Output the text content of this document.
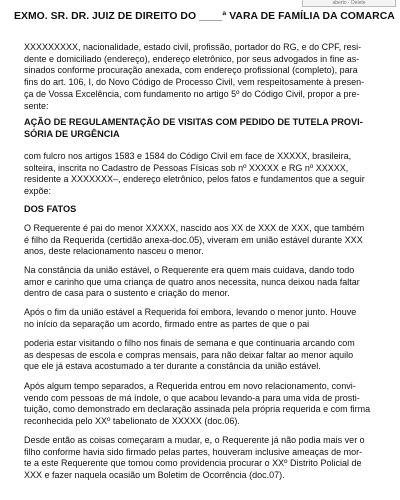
aberto · Delete
EXMO. SR. DR. JUIZ DE DIREITO DO ____ª VARA DE FAMÍLIA DA COMARCA
XXXXXXXXX, nacionalidade, estado civil, profissão, portador do RG, e do CPF, resi-
dente e domiciliado (endereço), endereço eletrônico, por seus advogados in fine as-
sinados conforme procuração anexada, com endereço profissional (completo), para
fins do art. 106, I, do Novo Código de Processo Civil, vem respeitosamente à presen-
ça de Vossa Excelência, com fundamento no artigo 5º do Código Civil, propor a pre-
sente:
AÇÃO DE REGULAMENTAÇÃO DE VISITAS COM PEDIDO DE TUTELA PROVI-
SÓRIA DE URGÊNCIA
com fulcro nos artigos 1583 e 1584 do Código Civil em face de XXXXX, brasileira,
solteira, inscrita no Cadastro de Pessoas Físicas sob nº XXXXX e RG nº XXXXX,
residente a XXXXXXX–, endereço eletrônico, pelos fatos e fundamentos que a seguir
expõe:
DOS FATOS
O Requerente é pai do menor XXXXX, nascido aos XX de XXX de XXX, que também
é filho da Requerida (certidão anexa-doc.05), viveram em união estável durante XXX
anos, deste relacionamento nasceu o menor.
Na constância da união estável, o Requerente era quem mais cuidava, dando todo
amor e carinho que uma criança de quatro anos necessita, nunca deixou nada faltar
dentro de casa para o sustento e criação do menor.
Após o fim da união estável a Requerida foi embora, levando o menor junto. Houve
no início da separação um acordo, firmado entre as partes de que o pai
poderia estar visitando o filho nos finais de semana e que continuaria arcando com
as despesas de escola e compras mensais, para não deixar faltar ao menor aquilo
que ele já estava acostumado a ter durante a constância da união estável.
Após algum tempo separados, a Requerida entrou em novo relacionamento, convi-
vendo com pessoas de má índole, o que acabou levando-a para uma vida de prosti-
tuição, como demonstrado em declaração assinada pela própria requerida e com firma
reconhecida pelo XXº tabelionato de XXXXX (doc.06).
Desde então as coisas começaram a mudar, e, o Requerente já não podia mais ver o
filho conforme havia sido firmado pelas partes, houveram inclusive ameaças de mor-
te a este Requerente que tomou como providencia procurar o XXº Distrito Policial de
XXX e fazer naquela ocasião um Boletim de Ocorrência (doc.07).
